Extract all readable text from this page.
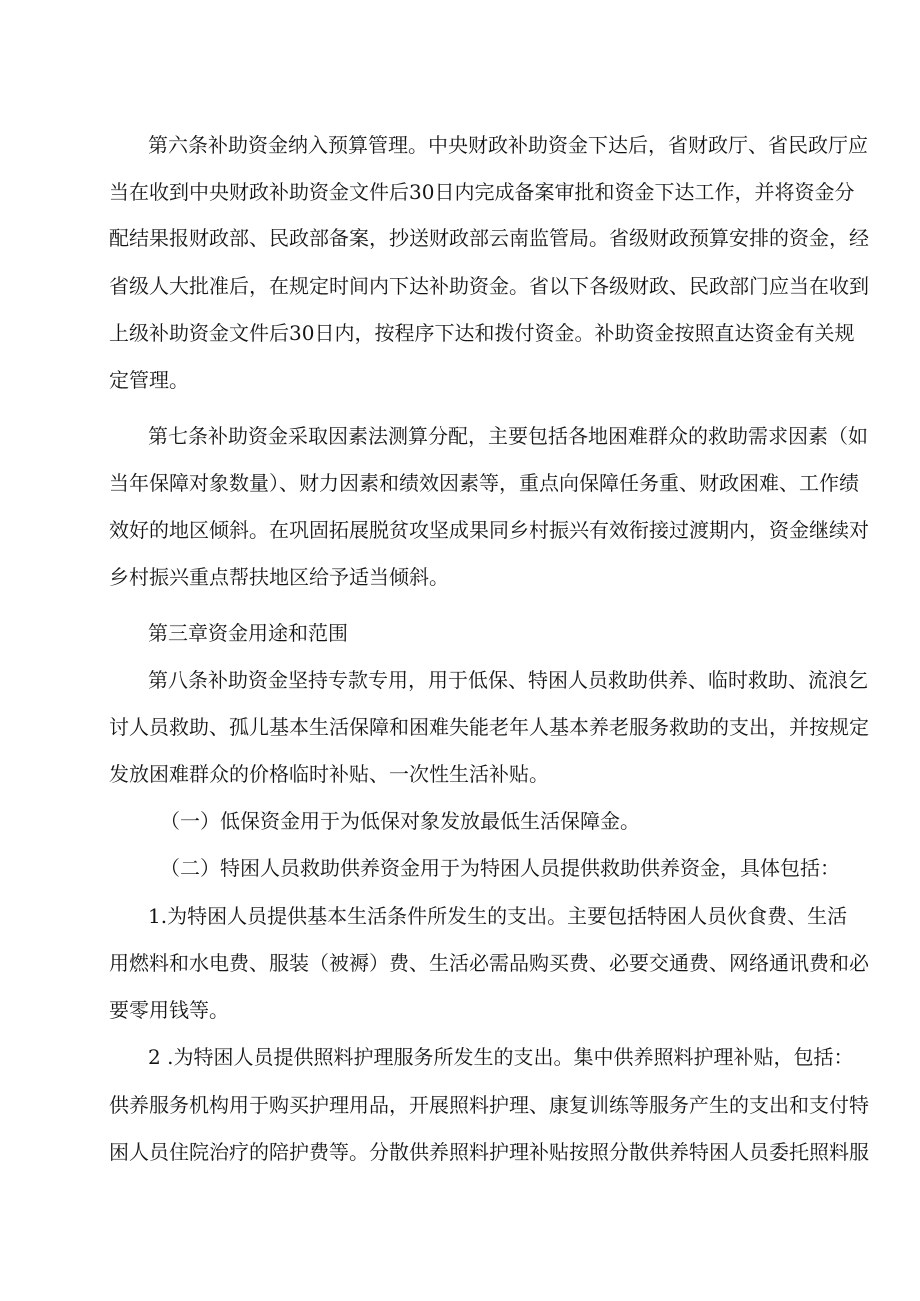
第六条补助资金纳入预算管理。中央财政补助资金下达后，省财政厅、省民政厅应
当在收到中央财政补助资金文件后30日内完成备案审批和资金下达工作，并将资金分
配结果报财政部、民政部备案，抄送财政部云南监管局。省级财政预算安排的资金，经
省级人大批准后，在规定时间内下达补助资金。省以下各级财政、民政部门应当在收到
上级补助资金文件后30日内，按程序下达和拨付资金。补助资金按照直达资金有关规
定管理。
第七条补助资金采取因素法测算分配，主要包括各地困难群众的救助需求因素（如
当年保障对象数量）、财力因素和绩效因素等，重点向保障任务重、财政困难、工作绩
效好的地区倾斜。在巩固拓展脱贫攻坚成果同乡村振兴有效衔接过渡期内，资金继续对
乡村振兴重点帮扶地区给予适当倾斜。
第三章资金用途和范围
第八条补助资金坚持专款专用，用于低保、特困人员救助供养、临时救助、流浪乞
讨人员救助、孤儿基本生活保障和困难失能老年人基本养老服务救助的支出，并按规定
发放困难群众的价格临时补贴、一次性生活补贴。
（一）低保资金用于为低保对象发放最低生活保障金。
（二）特困人员救助供养资金用于为特困人员提供救助供养资金，具体包括：
1.为特困人员提供基本生活条件所发生的支出。主要包括特困人员伙食费、生活
用燃料和水电费、服装（被褥）费、生活必需品购买费、必要交通费、网络通讯费和必
要零用钱等。
2 .为特困人员提供照料护理服务所发生的支出。集中供养照料护理补贴，包括：
供养服务机构用于购买护理用品，开展照料护理、康复训练等服务产生的支出和支付特
困人员住院治疗的陪护费等。分散供养照料护理补贴按照分散供养特困人员委托照料服
